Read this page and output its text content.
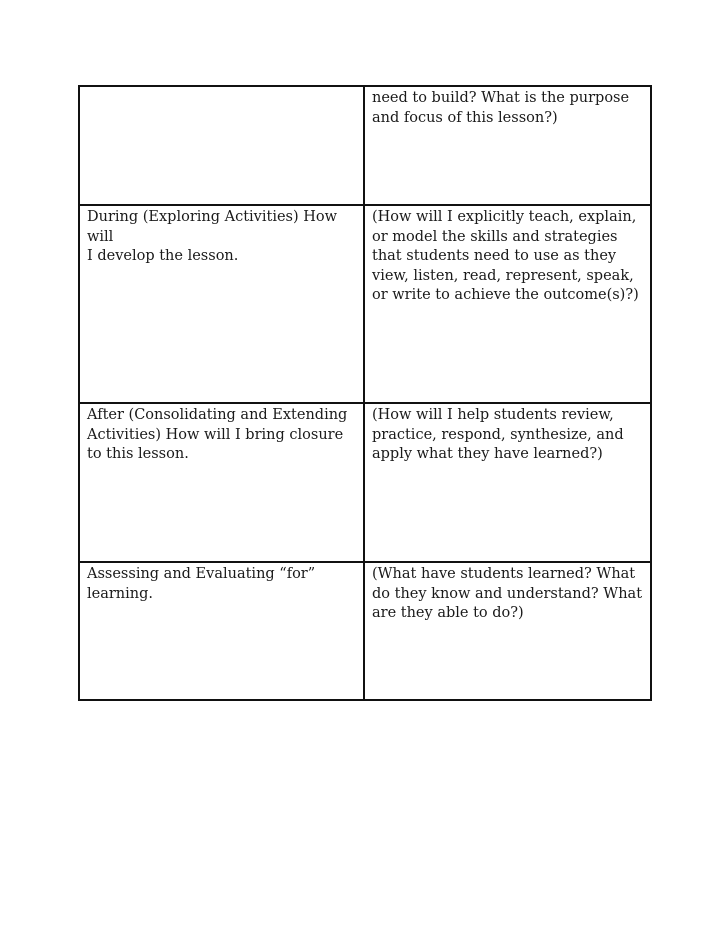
	need to build? What is the purpose and focus of this lesson?)
During (Exploring Activities) How will
I develop the lesson.	(How will I explicitly teach, explain, or model the skills and strategies that students need to use as they view, listen, read, represent, speak, or write to achieve the outcome(s)?)
After (Consolidating and Extending Activities) How will I bring closure to this lesson.	(How will I help students review, practice, respond, synthesize, and apply what they have learned?)
Assessing and Evaluating “for” learning.	(What have students learned? What do they know and understand? What are they able to do?)
